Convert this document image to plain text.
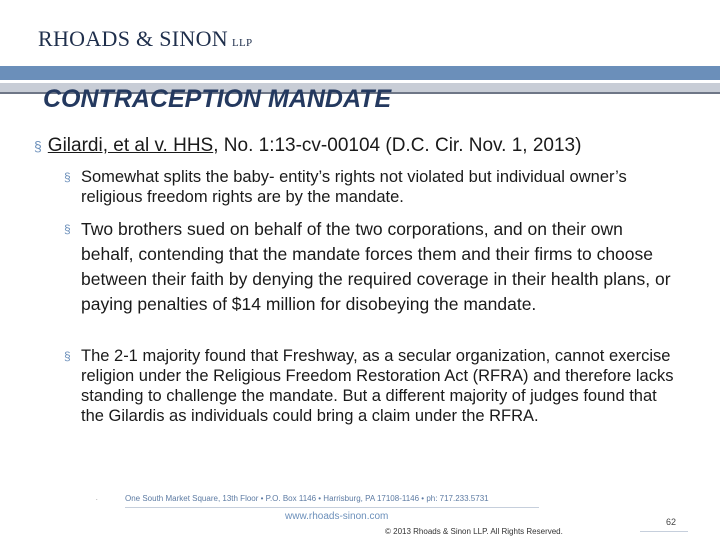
RHOADS & SINON LLP
CONTRACEPTION MANDATE
§ Gilardi, et al v. HHS, No. 1:13-cv-00104 (D.C. Cir. Nov. 1, 2013)
§ Somewhat splits the baby- entity’s rights not violated but individual owner’s religious freedom rights are by the mandate.
§ Two brothers sued on behalf of the two corporations, and on their own behalf, contending that the mandate forces them and their firms to choose between their faith by denying the required coverage in their health plans, or paying penalties of $14 million for disobeying the mandate.
§ The 2-1 majority found that Freshway, as a secular organization, cannot exercise religion under the Religious Freedom Restoration Act (RFRA) and therefore lacks standing to challenge the mandate. But a different majority of judges found that the Gilardis as individuals could bring a claim under the RFRA.
.	One South Market Square, 13th Floor • P.O. Box 1146 • Harrisburg, PA 17108-1146 • ph: 717.233.5731
www.rhoads-sinon.com
© 2013 Rhoads & Sinon LLP. All Rights Reserved.
62
